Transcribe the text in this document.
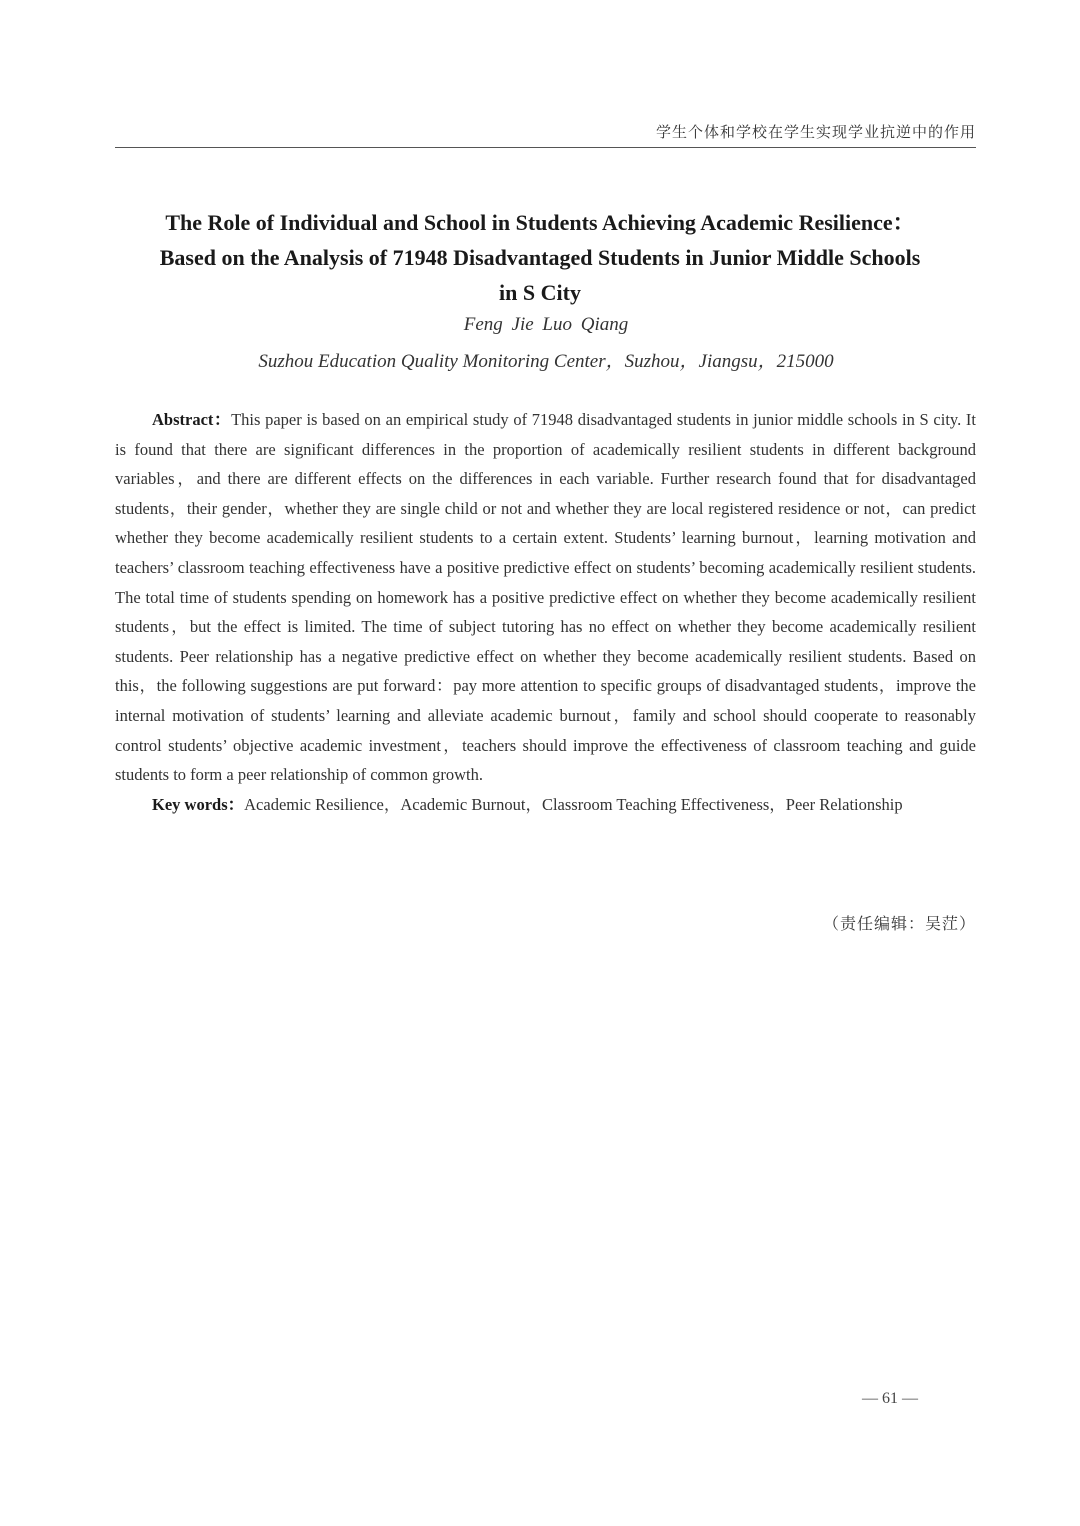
学生个体和学校在学生实现学业抗逆中的作用
The Role of Individual and School in Students Achieving Academic Resilience：
Based on the Analysis of 71948 Disadvantaged Students in Junior Middle Schools
in S City
Feng Jie Luo Qiang
Suzhou Education Quality Monitoring Center，Suzhou，Jiangsu，215000

Abstract：This paper is based on an empirical study of 71948 disadvantaged students in junior middle schools in S city. It is found that there are significant differences in the proportion of academically resilient students in different background variables，and there are different effects on the differences in each variable. Further research found that for disadvantaged students，their gender，whether they are single child or not and whether they are local registered residence or not，can predict whether they become academically resilient students to a certain extent. Students’ learning burnout，learning motivation and teachers’ classroom teaching effectiveness have a positive predictive effect on students’ becoming academically resilient students. The total time of students spending on homework has a positive predictive effect on whether they become academically resilient students，but the effect is limited. The time of subject tutoring has no effect on whether they become academically resilient students. Peer relationship has a negative predictive effect on whether they become academically resilient students. Based on this，the following suggestions are put forward：pay more attention to specific groups of disadvantaged students，improve the internal motivation of students’ learning and alleviate academic burnout，family and school should cooperate to reasonably control students’ objective academic investment，teachers should improve the effectiveness of classroom teaching and guide students to form a peer relationship of common growth.

Key words：Academic Resilience，Academic Burnout，Classroom Teaching Effectiveness，Peer Relationship

（责任编辑：吴茳）
— 61 —
